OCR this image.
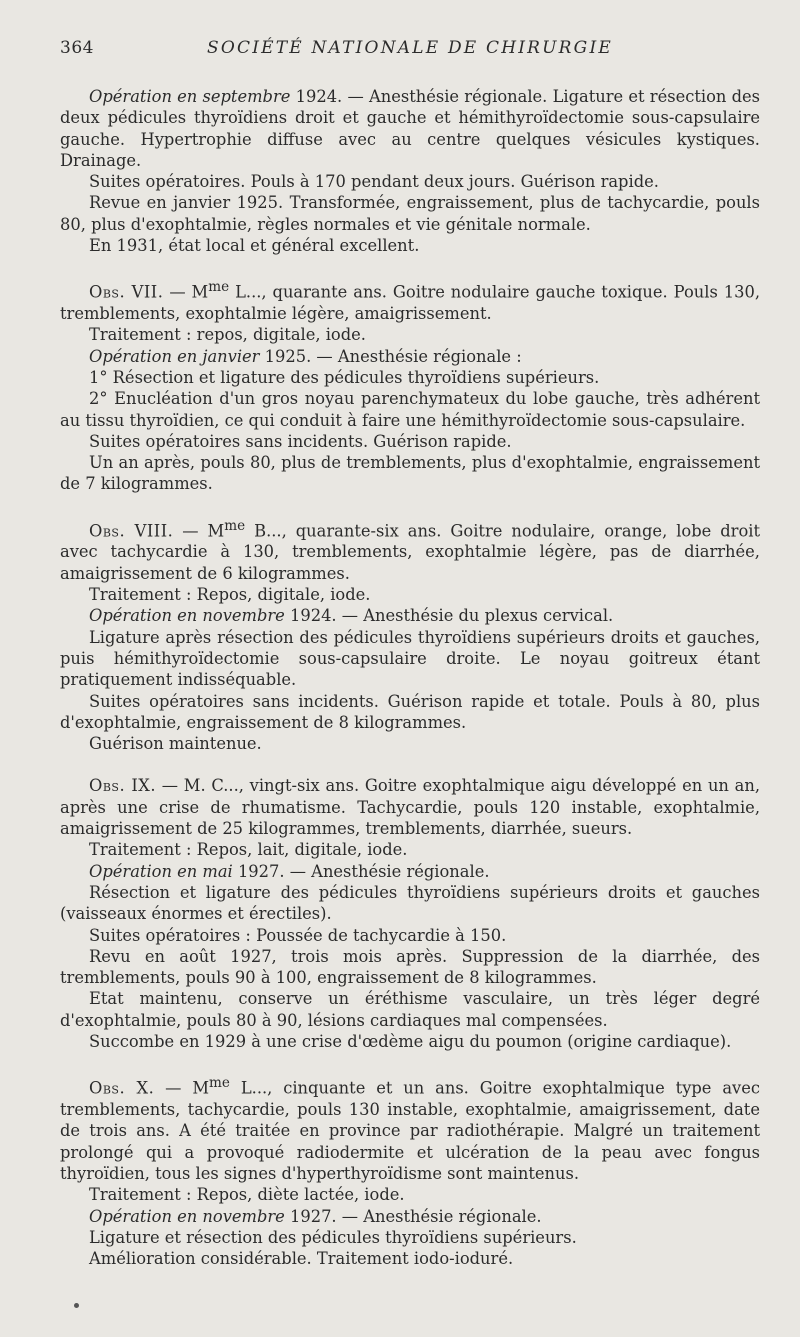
364	SOCIÉTÉ NATIONALE DE CHIRURGIE

Opération en septembre 1924. — Anesthésie régionale. Ligature et résection des deux pédicules thyroïdiens droit et gauche et hémithyroïdectomie sous-capsulaire gauche. Hypertrophie diffuse avec au centre quelques vésicules kystiques. Drainage.

Suites opératoires. Pouls à 170 pendant deux jours. Guérison rapide.

Revue en janvier 1925. Transformée, engraissement, plus de tachycardie, pouls 80, plus d'exophtalmie, règles normales et vie génitale normale.

En 1931, état local et général excellent.

Obs. VII. — $M^{me}$ L..., quarante ans. Goitre nodulaire gauche toxique. Pouls 130, tremblements, exophtalmie légère, amaigrissement.

Traitement : repos, digitale, iode.

Opération en janvier 1925. — Anesthésie régionale :

1° Résection et ligature des pédicules thyroïdiens supérieurs.

2° Enucléation d'un gros noyau parenchymateux du lobe gauche, très adhérent au tissu thyroïdien, ce qui conduit à faire une hémithyroïdectomie sous-capsulaire.

Suites opératoires sans incidents. Guérison rapide.

Un an après, pouls 80, plus de tremblements, plus d'exophtalmie, engraissement de 7 kilogrammes.

Obs. VIII. — $M^{me}$ B..., quarante-six ans. Goitre nodulaire, orange, lobe droit avec tachycardie à 130, tremblements, exophtalmie légère, pas de diarrhée, amaigrissement de 6 kilogrammes.

Traitement : Repos, digitale, iode.

Opération en novembre 1924. — Anesthésie du plexus cervical.

Ligature après résection des pédicules thyroïdiens supérieurs droits et gauches, puis hémithyroïdectomie sous-capsulaire droite. Le noyau goitreux étant pratiquement indisséquable.

Suites opératoires sans incidents. Guérison rapide et totale. Pouls à 80, plus d'exophtalmie, engraissement de 8 kilogrammes.

Guérison maintenue.

Obs. IX. — M. C..., vingt-six ans. Goitre exophtalmique aigu développé en un an, après une crise de rhumatisme. Tachycardie, pouls 120 instable, exophtalmie, amaigrissement de 25 kilogrammes, tremblements, diarrhée, sueurs.

Traitement : Repos, lait, digitale, iode.

Opération en mai 1927. — Anesthésie régionale.

Résection et ligature des pédicules thyroïdiens supérieurs droits et gauches (vaisseaux énormes et érectiles).

Suites opératoires : Poussée de tachycardie à 150.

Revu en août 1927, trois mois après. Suppression de la diarrhée, des tremblements, pouls 90 à 100, engraissement de 8 kilogrammes.

Etat maintenu, conserve un éréthisme vasculaire, un très léger degré d'exophtalmie, pouls 80 à 90, lésions cardiaques mal compensées.

Succombe en 1929 à une crise d'œdème aigu du poumon (origine cardiaque).

Obs. X. — $M^{me}$ L..., cinquante et un ans. Goitre exophtalmique type avec tremblements, tachycardie, pouls 130 instable, exophtalmie, amaigrissement, date de trois ans. A été traitée en province par radiothérapie. Malgré un traitement prolongé qui a provoqué radiodermite et ulcération de la peau avec fongus thyroïdien, tous les signes d'hyperthyroïdisme sont maintenus.

Traitement : Repos, diète lactée, iode.

Opération en novembre 1927. — Anesthésie régionale.

Ligature et résection des pédicules thyroïdiens supérieurs.

Amélioration considérable. Traitement iodo-ioduré.
